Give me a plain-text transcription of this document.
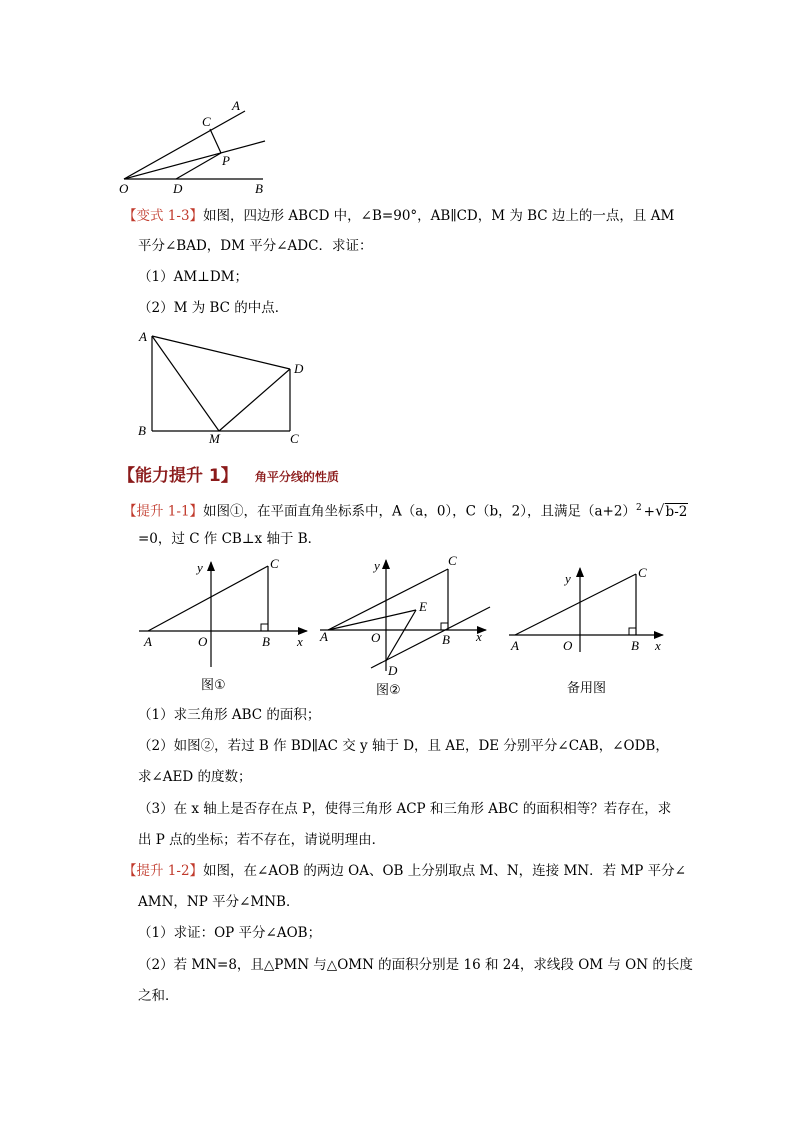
A
C
P
O	D	B
【变式 1-3】如图，四边形 ABCD 中，∠B=90°，AB∥CD，M 为 BC 边上的一点，且 AM
平分∠BAD，DM 平分∠ADC．求证：
（1）AM⊥DM；
（2）M 为 BC 的中点．
A
D
B
M	C
【能力提升 1】 角平分线的性质
【提升 1-1】如图①，在平面直角坐标系中，A（a，0），C（b，2），且满足$(a+2)^2 +√b-2$
=0，过 C 作 CB⊥x 轴于 B．
y
x
C
A	O	B
图①
y
x
C
E
A	O	B
D
图②
y
x
C
A	O	B
备用图
（1）求三角形 ABC 的面积；
（2）如图②，若过 B 作 BD∥AC 交 y 轴于 D，且 AE，DE 分别平分∠CAB，∠ODB，
求∠AED 的度数；
（3）在 x 轴上是否存在点 P，使得三角形 ACP 和三角形 ABC 的面积相等？若存在，求
出 P 点的坐标；若不存在，请说明理由．
【提升 1-2】如图，在∠AOB 的两边 OA、OB 上分别取点 M、N，连接 MN．若 MP 平分∠
AMN，NP 平分∠MNB．
（1）求证：OP 平分∠AOB；
（2）若 MN=8，且△PMN 与△OMN 的面积分别是 16 和 24，求线段 OM 与 ON 的长度
之和．
